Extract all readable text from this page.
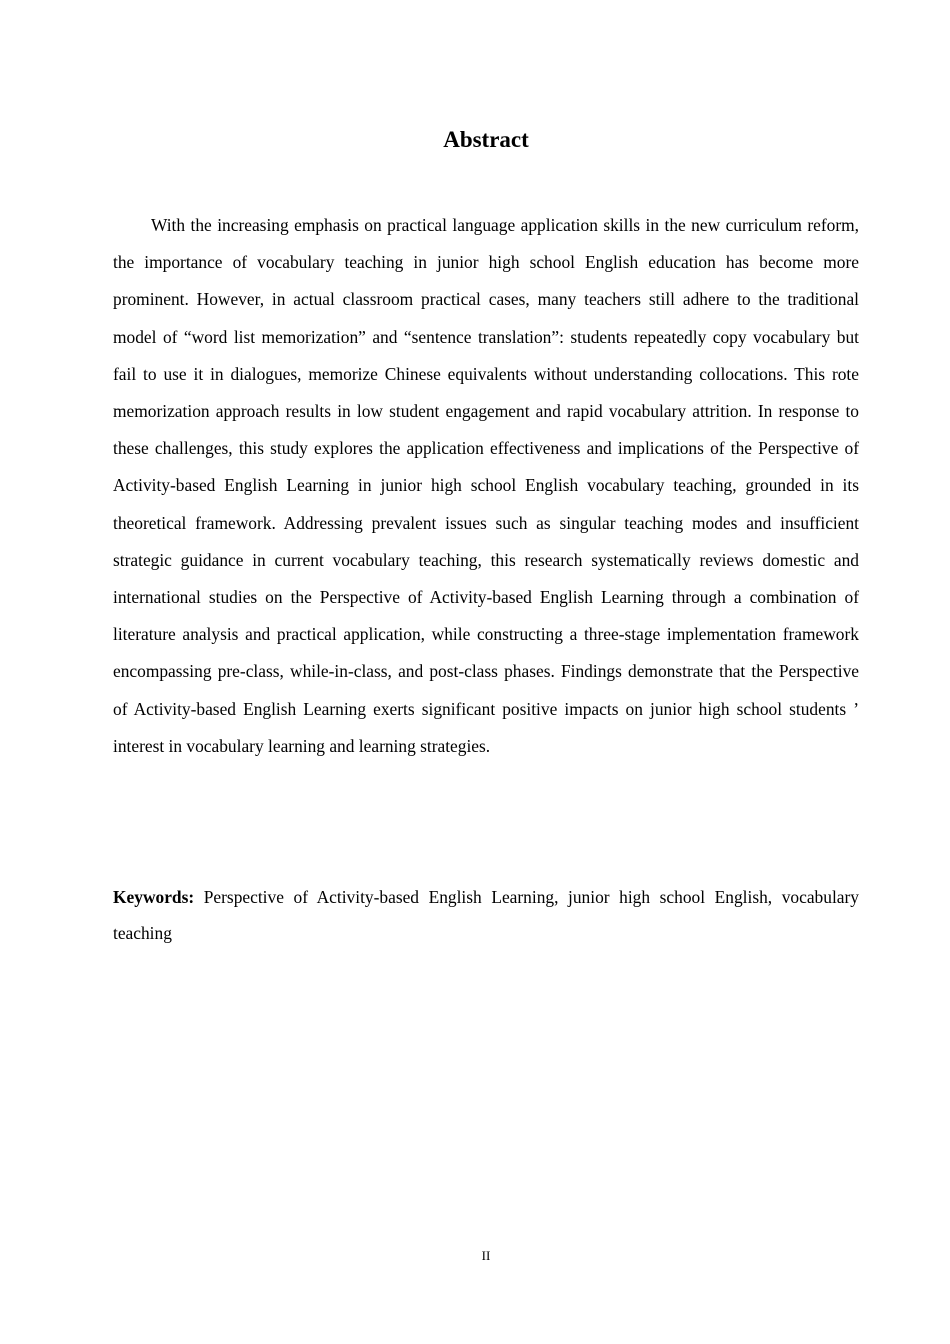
Abstract

With the increasing emphasis on practical language application skills in the new curriculum reform, the importance of vocabulary teaching in junior high school English education has become more prominent. However, in actual classroom practical cases, many teachers still adhere to the traditional model of “word list memorization” and “sentence translation”: students repeatedly copy vocabulary but fail to use it in dialogues, memorize Chinese equivalents without understanding collocations. This rote memorization approach results in low student engagement and rapid vocabulary attrition. In response to these challenges, this study explores the application effectiveness and implications of the Perspective of Activity-based English Learning in junior high school English vocabulary teaching, grounded in its theoretical framework. Addressing prevalent issues such as singular teaching modes and insufficient strategic guidance in current vocabulary teaching, this research systematically reviews domestic and international studies on the Perspective of Activity-based English Learning through a combination of literature analysis and practical application, while constructing a three-stage implementation framework encompassing pre-class, while-in-class, and post-class phases. Findings demonstrate that the Perspective of Activity-based English Learning exerts significant positive impacts on junior high school students ’ interest in vocabulary learning and learning strategies.

Keywords: Perspective of Activity-based English Learning, junior high school English, vocabulary teaching

II
